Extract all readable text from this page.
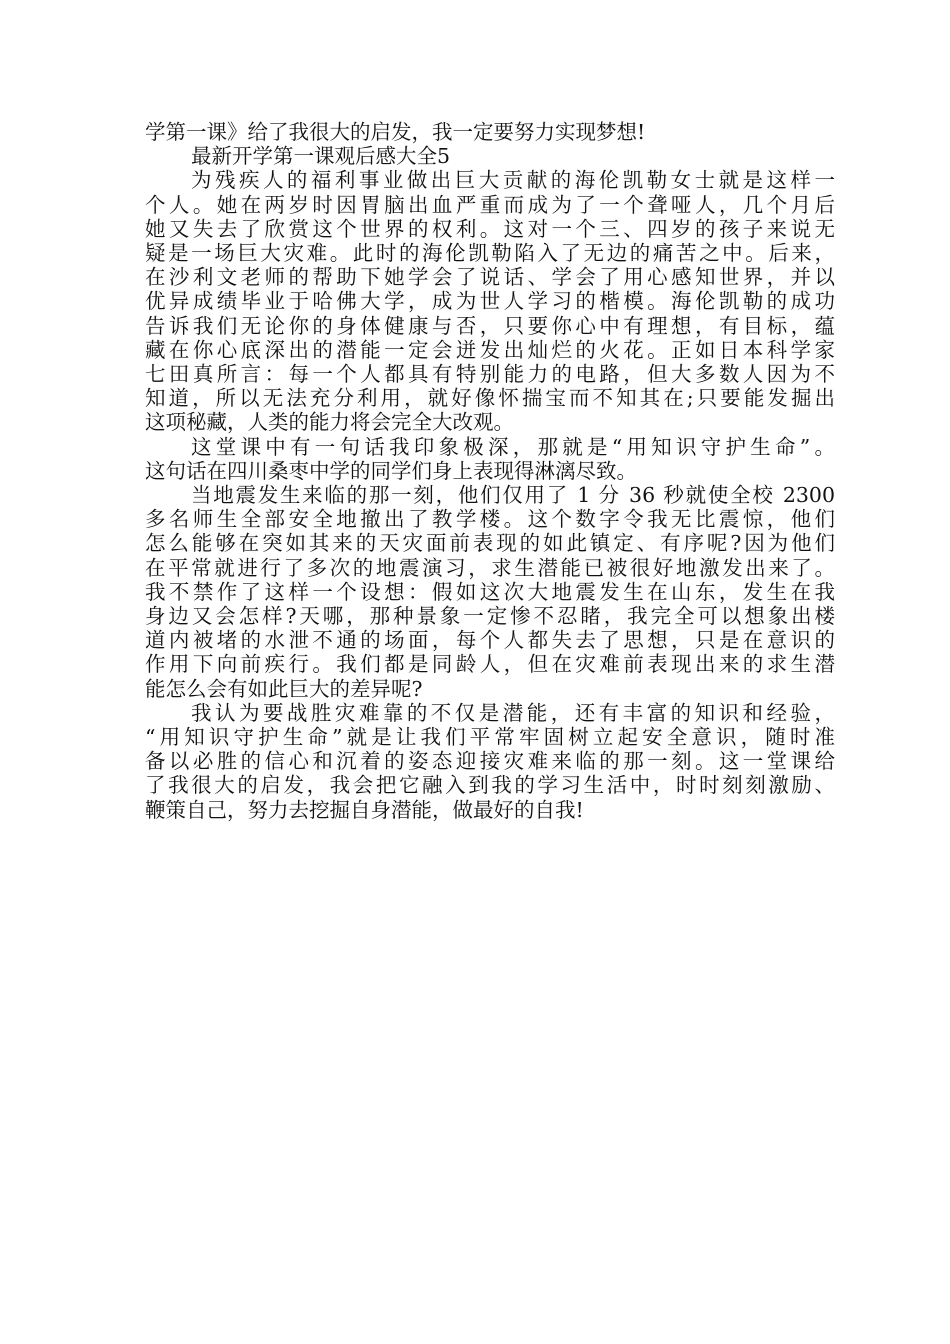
学第一课》给了我很大的启发，我一定要努力实现梦想!
最新开学第一课观后感大全5
为残疾人的福利事业做出巨大贡献的海伦凯勒女士就是这样一
个人。她在两岁时因胃脑出血严重而成为了一个聋哑人，几个月后
她又失去了欣赏这个世界的权利。这对一个三、四岁的孩子来说无
疑是一场巨大灾难。此时的海伦凯勒陷入了无边的痛苦之中。后来，
在沙利文老师的帮助下她学会了说话、学会了用心感知世界，并以
优异成绩毕业于哈佛大学，成为世人学习的楷模。海伦凯勒的成功
告诉我们无论你的身体健康与否，只要你心中有理想，有目标，蕴
藏在你心底深出的潜能一定会迸发出灿烂的火花。正如日本科学家
七田真所言：每一个人都具有特别能力的电路，但大多数人因为不
知道，所以无法充分利用，就好像怀揣宝而不知其在;只要能发掘出
这项秘藏，人类的能力将会完全大改观。
这堂课中有一句话我印象极深，那就是“用知识守护生命”。
这句话在四川桑枣中学的同学们身上表现得淋漓尽致。
当地震发生来临的那一刻，他们仅用了 1 分 36 秒就使全校 2300
多名师生全部安全地撤出了教学楼。这个数字令我无比震惊，他们
怎么能够在突如其来的天灾面前表现的如此镇定、有序呢?因为他们
在平常就进行了多次的地震演习，求生潜能已被很好地激发出来了。
我不禁作了这样一个设想：假如这次大地震发生在山东，发生在我
身边又会怎样?天哪，那种景象一定惨不忍睹，我完全可以想象出楼
道内被堵的水泄不通的场面，每个人都失去了思想，只是在意识的
作用下向前疾行。我们都是同龄人，但在灾难前表现出来的求生潜
能怎么会有如此巨大的差异呢?
我认为要战胜灾难靠的不仅是潜能，还有丰富的知识和经验，
“用知识守护生命”就是让我们平常牢固树立起安全意识，随时准
备以必胜的信心和沉着的姿态迎接灾难来临的那一刻。这一堂课给
了我很大的启发，我会把它融入到我的学习生活中，时时刻刻激励、
鞭策自己，努力去挖掘自身潜能，做最好的自我!
